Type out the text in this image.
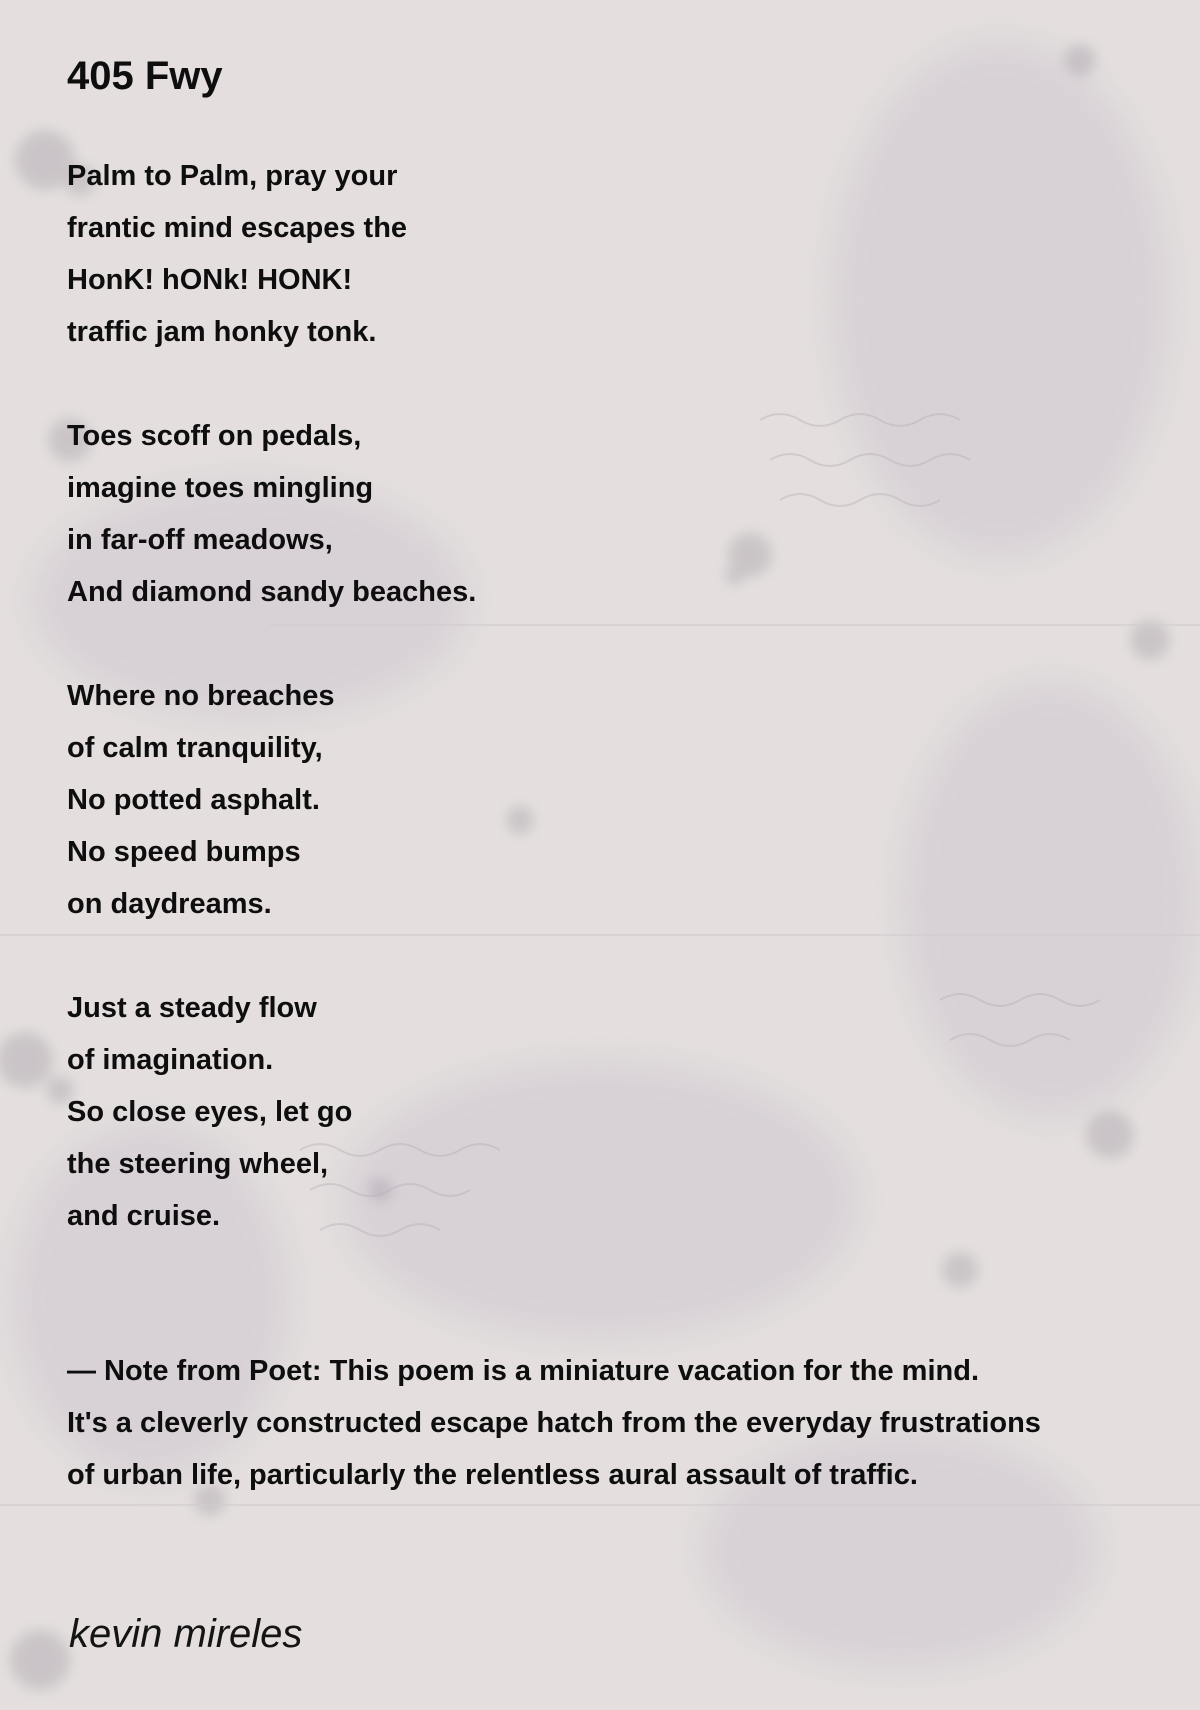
405 Fwy
Palm to Palm, pray your
frantic mind escapes the
HonK! hONk! HONK!
traffic jam honky tonk.
Toes scoff on pedals,
imagine toes mingling
in far-off meadows,
And diamond sandy beaches.
Where no breaches
of calm tranquility,
No potted asphalt.
No speed bumps
on daydreams.
Just a steady flow
of imagination.
So close eyes, let go
the steering wheel,
and cruise.
— Note from Poet: This poem is a miniature vacation for the mind.
It's a cleverly constructed escape hatch from the everyday frustrations
of urban life, particularly the relentless aural assault of traffic.
kevin mireles
